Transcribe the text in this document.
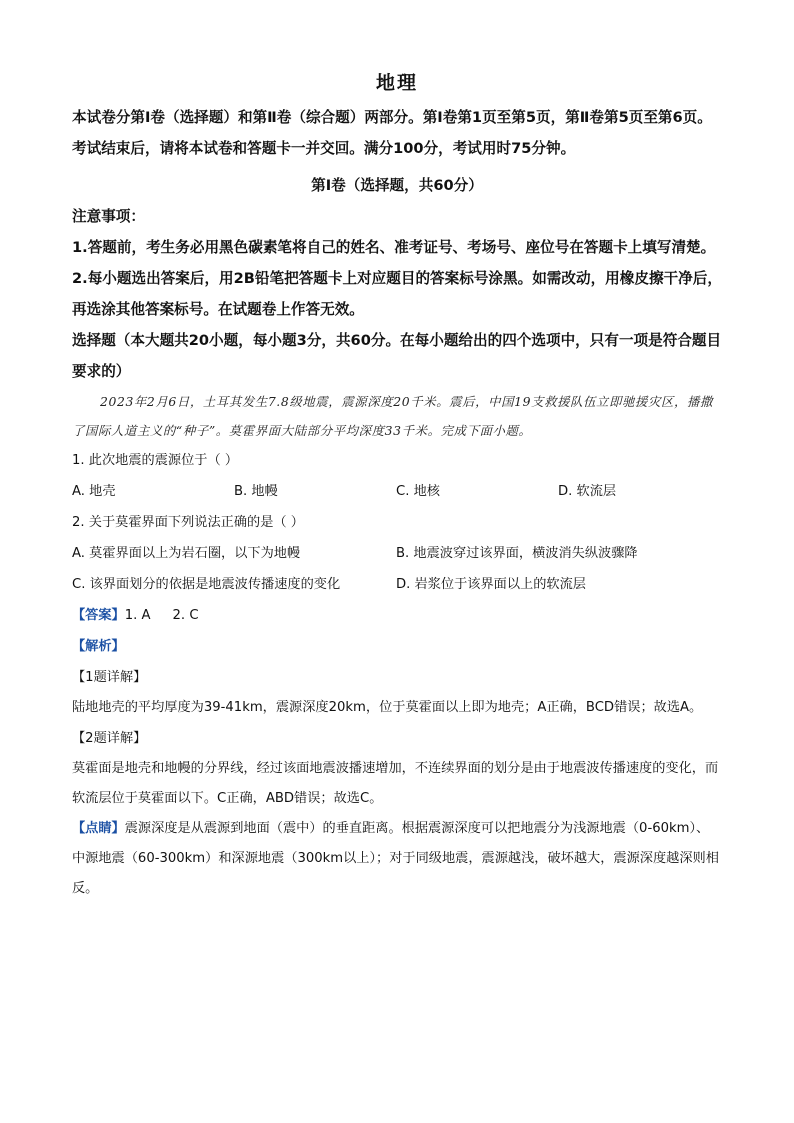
地理

本试卷分第Ⅰ卷（选择题）和第Ⅱ卷（综合题）两部分。第Ⅰ卷第1页至第5页，第Ⅱ卷第5页至第6页。考试结束后，请将本试卷和答题卡一并交回。满分100分，考试用时75分钟。

第Ⅰ卷（选择题，共60分）

注意事项：

1.答题前，考生务必用黑色碳素笔将自己的姓名、准考证号、考场号、座位号在答题卡上填写清楚。

2.每小题选出答案后，用2B铅笔把答题卡上对应题目的答案标号涂黑。如需改动，用橡皮擦干净后，再选涂其他答案标号。在试题卷上作答无效。

选择题（本大题共20小题，每小题3分，共60分。在每小题给出的四个选项中，只有一项是符合题目要求的）

2023年2月6日，土耳其发生7.8级地震，震源深度20千米。震后，中国19支救援队伍立即驰援灾区，播撒了国际人道主义的“种子”。莫霍界面大陆部分平均深度33千米。完成下面小题。

1. 此次地震的震源位于（ ）

A. 地壳	B. 地幔	C. 地核	D. 软流层

2. 关于莫霍界面下列说法正确的是（ ）

A. 莫霍界面以上为岩石圈，以下为地幔	B. 地震波穿过该界面，横波消失纵波骤降
C. 该界面划分的依据是地震波传播速度的变化	D. 岩浆位于该界面以上的软流层

【答案】1. A 2. C

【解析】

【1题详解】

陆地地壳的平均厚度为39-41km，震源深度20km，位于莫霍面以上即为地壳；A正确，BCD错误；故选A。

【2题详解】

莫霍面是地壳和地幔的分界线，经过该面地震波播速增加，不连续界面的划分是由于地震波传播速度的变化，而软流层位于莫霍面以下。C正确，ABD错误；故选C。

【点睛】震源深度是从震源到地面（震中）的垂直距离。根据震源深度可以把地震分为浅源地震（0-60km）、中源地震（60-300km）和深源地震（300km以上）；对于同级地震，震源越浅，破坏越大，震源深度越深则相反。
